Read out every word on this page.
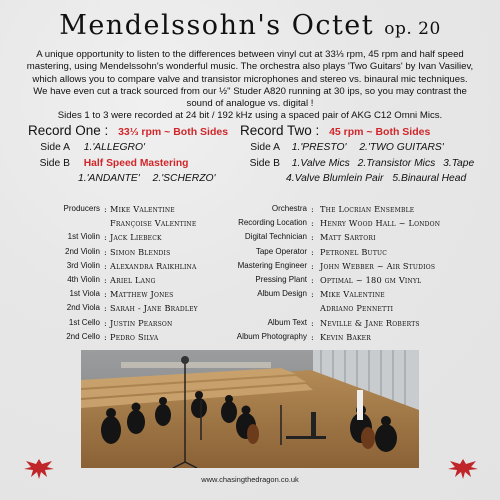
Mendelssohn's Octet op. 20

A unique opportunity to listen to the differences between vinyl cut at 33⅓ rpm, 45 rpm and half speed mastering, using Mendelssohn's wonderful music. The orchestra also plays 'Two Guitars' by Ivan Vasiliev, which allows you to compare valve and transistor microphones and stereo vs. binaural mic techniques. We have even cut a track sourced from our ½" Studer A820 running at 30 ips, so you may contrast the sound of analogue vs. digital !

Sides 1 to 3 were recorded at 24 bit / 192 kHz using a spaced pair of AKG C12 Omni Mics.

Record One : 33⅓ rpm ~ Both Sides
Side A 1.'ALLEGRO'
Side B Half Speed Mastering
1.'ANDANTE' 2.'SCHERZO'
Record Two : 45 rpm ~ Both Sides
Side A 1.'PRESTO' 2.'TWO GUITARS'
Side B 1.Valve Mics 2.Transistor Mics 3.Tape
4.Valve Blumlein Pair 5.Binaural Head
Producers : Mike Valentine
Françoise Valentine
1st Violin : Jack Liebeck
2nd Violin : Simon Blendis
3rd Violin : Alexandra Raikhlina
4th Violin : Ariel Lang
1st Viola : Matthew Jones
2nd Viola : Sarah - Jane Bradley
1st Cello : Justin Pearson
2nd Cello : Pedro Silva
Orchestra : The Locrian Ensemble
Recording Location : Henry Wood Hall ~ London
Digital Technician : Matt Sartori
Tape Operator : Petronel Butuc
Mastering Engineer : John Webber ~ Air Studios
Pressing Plant : Optimal ~ 180 gm Vinyl
Album Design : Mike Valentine
Adriano Pennetti
Album Text : Neville & Jane Roberts
Album Photography : Kevin Baker
www.chasingthedragon.co.uk
